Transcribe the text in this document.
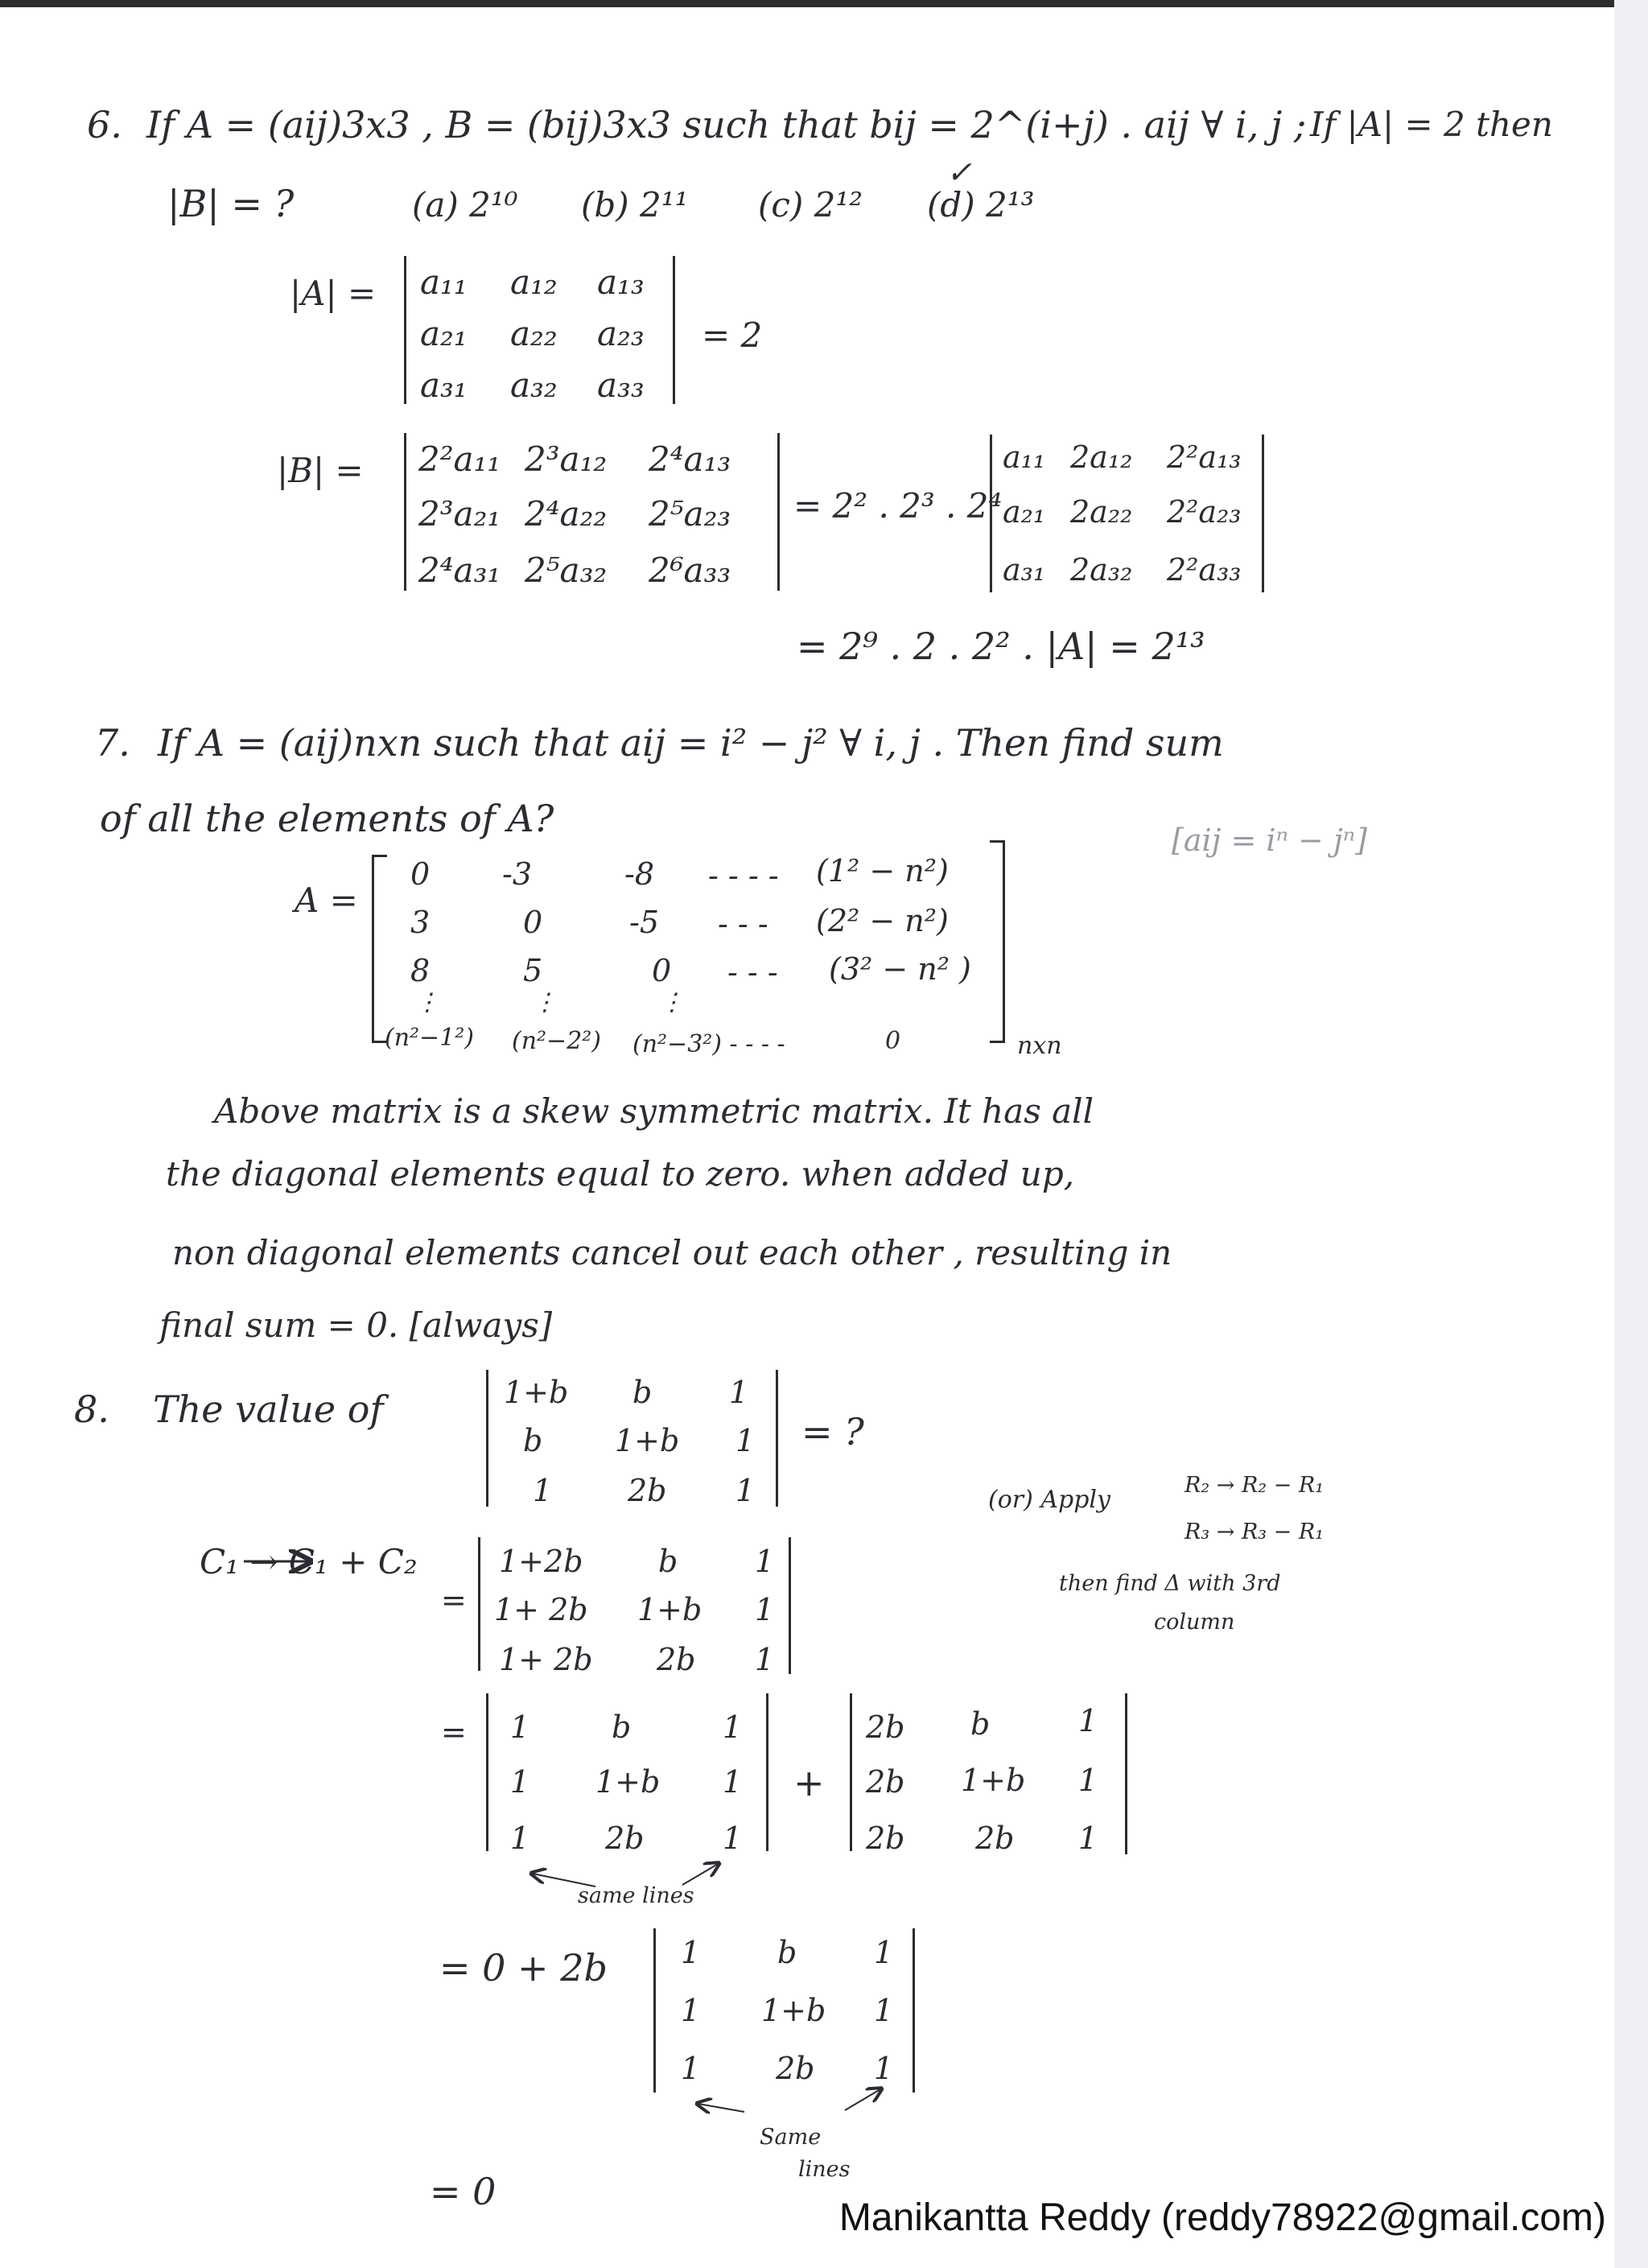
6. If A = (aij)3x3 , B = (bij)3x3 such that bij = 2^(i+j) . aij ∀ i, j ; If |A| = 2 then
|B| = ?	(a) 2¹⁰ (b) 2¹¹ (c) 2¹² (d) 2¹³
✓
|A| = a₁₁ a₁₂ a₁₃
a₂₁ a₂₂ a₂₃
a₃₁ a₃₂ a₃₃
= 2
|B| = 2²a₁₁ 2³a₁₂ 2⁴a₁₃
2³a₂₁ 2⁴a₂₂ 2⁵a₂₃
2⁴a₃₁ 2⁵a₃₂ 2⁶a₃₃
= 2² . 2³ . 2⁴
a₁₁ 2a₁₂ 2²a₁₃
a₂₁ 2a₂₂ 2²a₂₃
a₃₁ 2a₃₂ 2²a₃₃
= 2⁹ . 2 . 2² . |A| = 2¹³
7. If A = (aij)nxn such that aij = i² − j² ∀ i, j . Then find sum
of all the elements of A?	[aij = iⁿ − jⁿ]
A =
0 -3	-8 - - - - (1² − n²)
3	0	-5 - - - (2² − n²)
8	5	0 - - - (3² − n² )
⋮	⋮	⋮
(n²−1²) (n²−2²) (n²−3²) - - - -	0	nxn
Above matrix is a skew symmetric matrix. It has all
the diagonal elements equal to zero. when added up,
non diagonal elements cancel out each other , resulting in
final sum = 0. [always]
8. The value of	1+b b	1
b 1+b 1
1 2b 1
= ?
(or) Apply
R₂ → R₂ − R₁
R₃ → R₃ − R₁
then find Δ with 3rd
column
C₁ → C₁ + C₂
=
1+2b b	1
1+ 2b 1+b 1
1+ 2b 2b 1
= 1	b	1
1 1+b 1
1 2b	1
+
2b b	1
2b 1+b 1
2b 2b 1
same lines
= 0 + 2b 1	b	1
1 1+b 1
1 2b 1
Same
lines
= 0
Manikantta Reddy (reddy78922@gmail.com)
